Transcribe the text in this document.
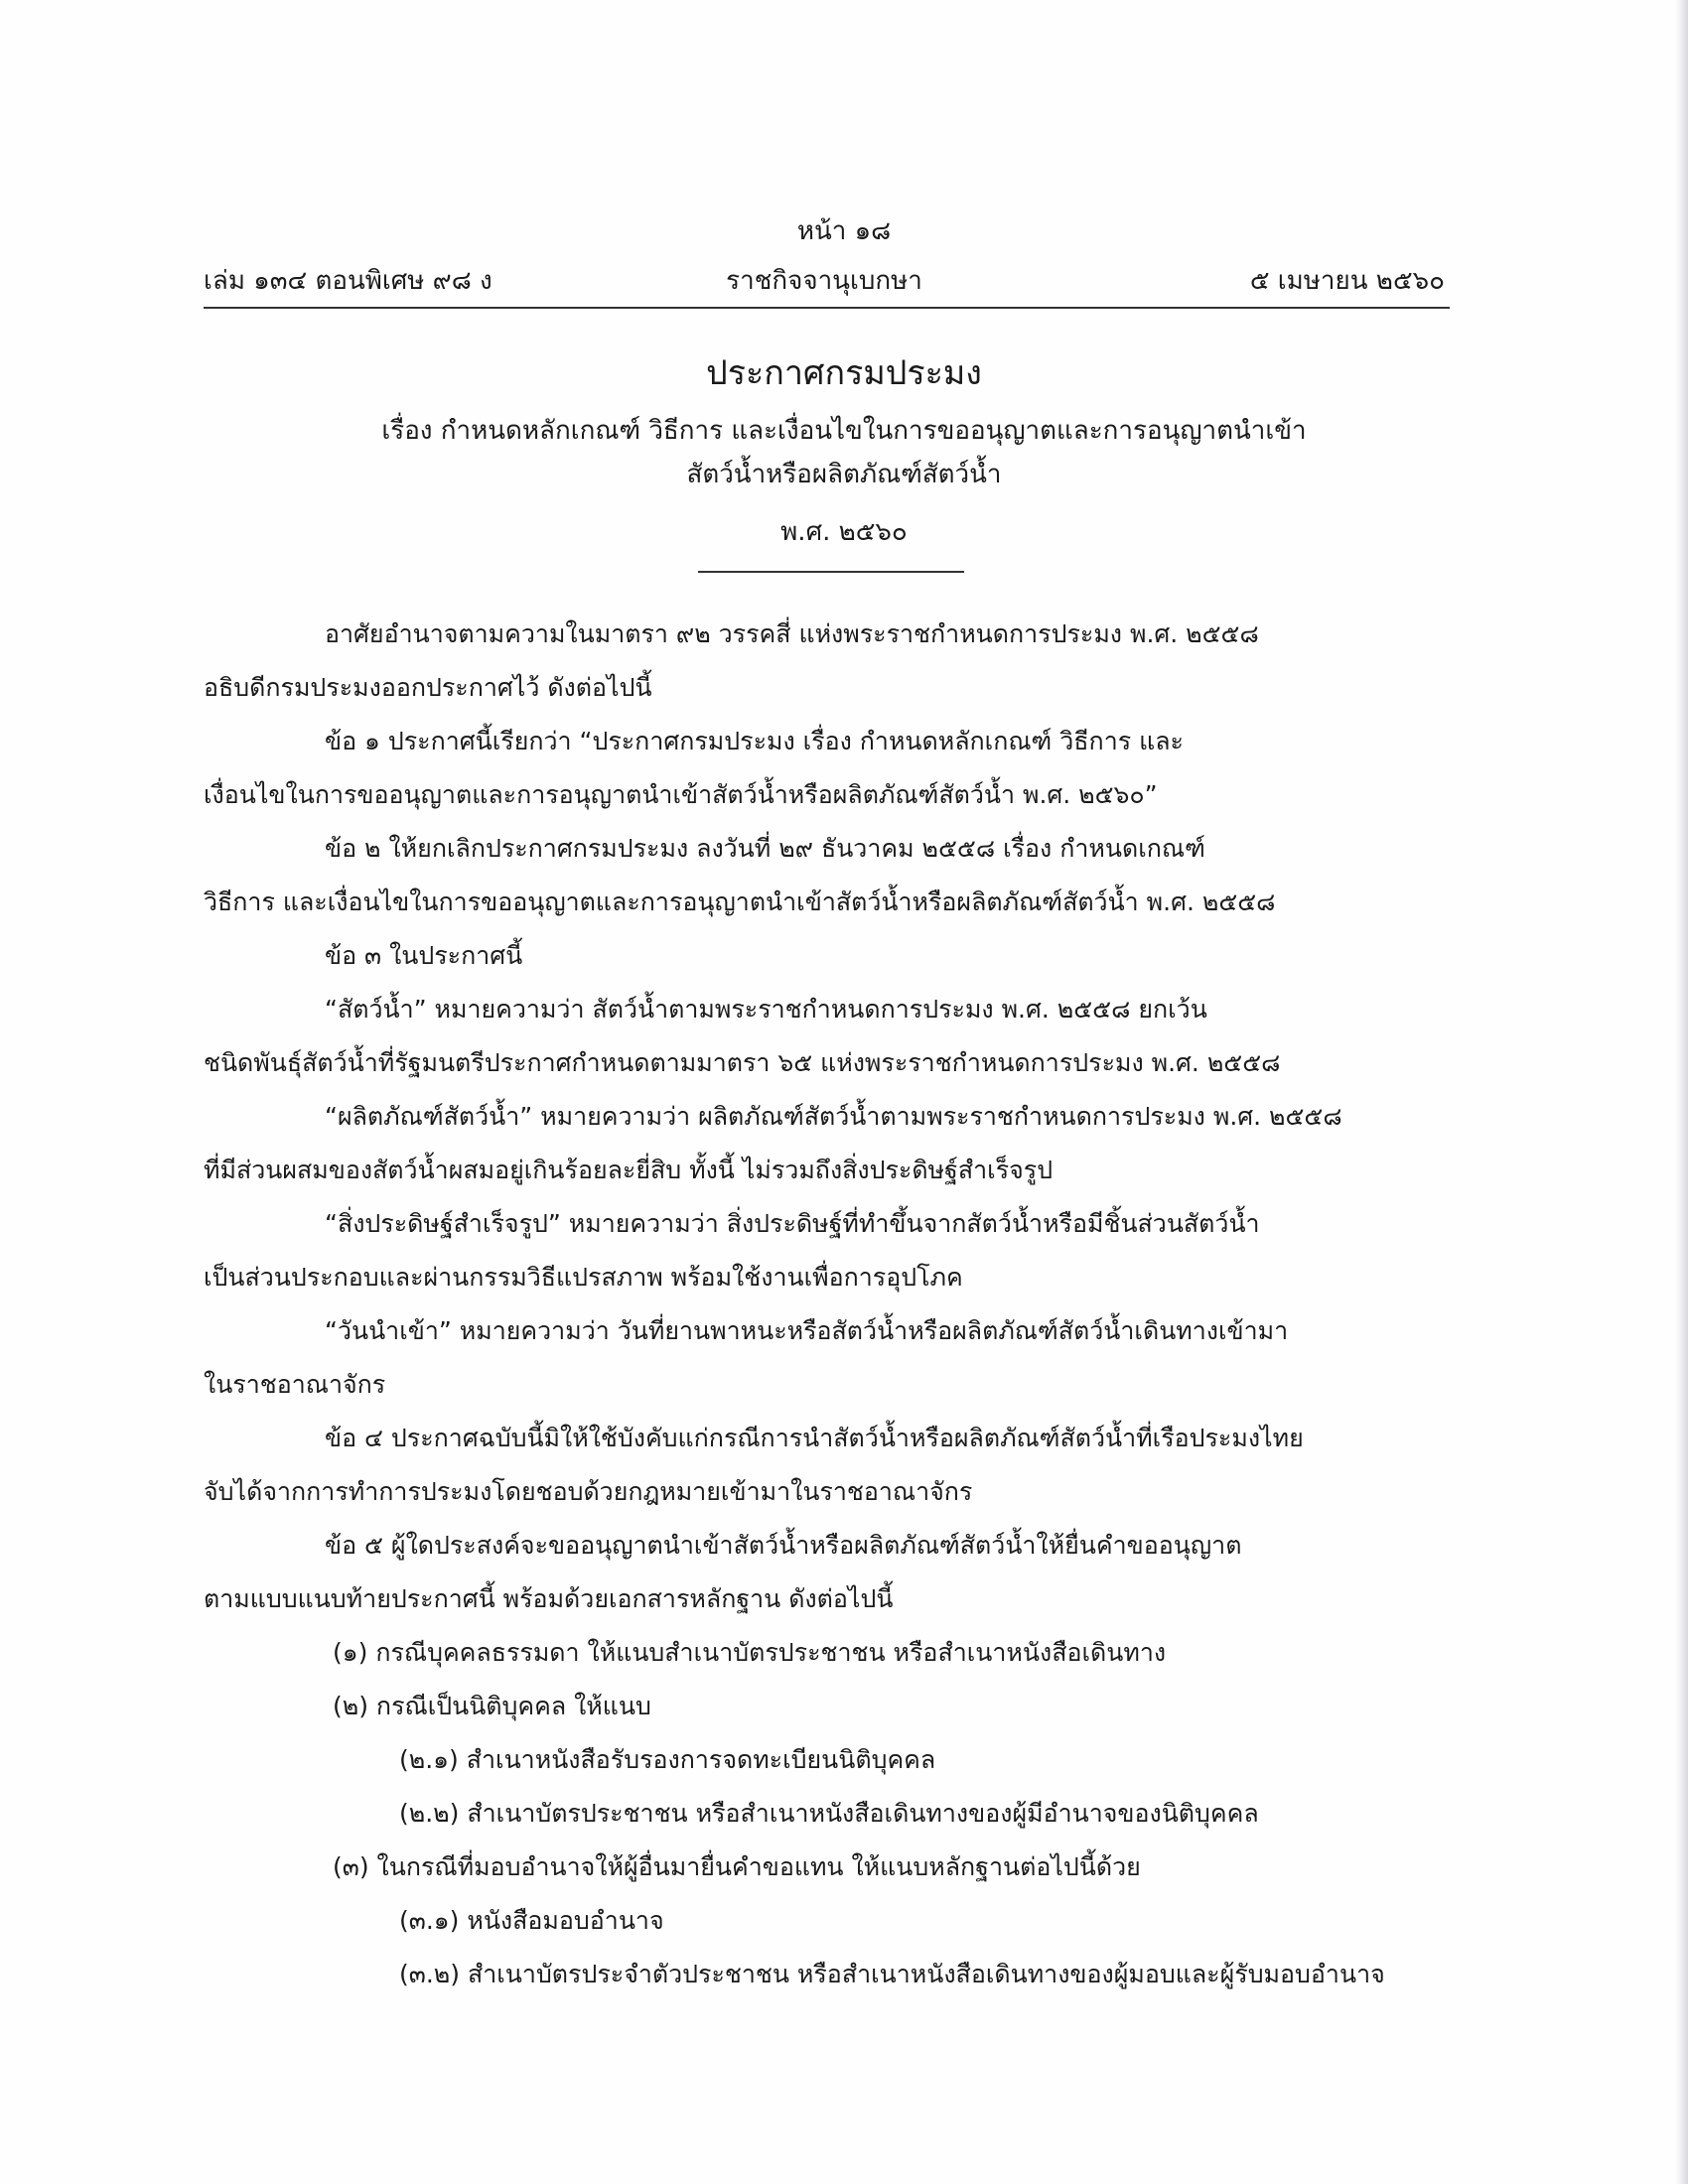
หน้า ๑๘
ราชกิจจานุเบกษา
เล่ม ๑๓๔ ตอนพิเศษ ๙๘ ง	๕ เมษายน ๒๕๖๐
ประกาศกรมประมง
เรื่อง กำหนดหลักเกณฑ์ วิธีการ และเงื่อนไขในการขออนุญาตและการอนุญาตนำเข้า
สัตว์น้ำหรือผลิตภัณฑ์สัตว์น้ำ
พ.ศ. ๒๕๖๐

อาศัยอำนาจตามความในมาตรา ๙๒ วรรคสี่ แห่งพระราชกำหนดการประมง พ.ศ. ๒๕๕๘

อธิบดีกรมประมงออกประกาศไว้ ดังต่อไปนี้

ข้อ ๑ ประกาศนี้เรียกว่า “ประกาศกรมประมง เรื่อง กำหนดหลักเกณฑ์ วิธีการ และ

เงื่อนไขในการขออนุญาตและการอนุญาตนำเข้าสัตว์น้ำหรือผลิตภัณฑ์สัตว์น้ำ พ.ศ. ๒๕๖๐”

ข้อ ๒ ให้ยกเลิกประกาศกรมประมง ลงวันที่ ๒๙ ธันวาคม ๒๕๕๘ เรื่อง กำหนดเกณฑ์

วิธีการ และเงื่อนไขในการขออนุญาตและการอนุญาตนำเข้าสัตว์น้ำหรือผลิตภัณฑ์สัตว์น้ำ พ.ศ. ๒๕๕๘

ข้อ ๓ ในประกาศนี้

“สัตว์น้ำ” หมายความว่า สัตว์น้ำตามพระราชกำหนดการประมง พ.ศ. ๒๕๕๘ ยกเว้น

ชนิดพันธุ์สัตว์น้ำที่รัฐมนตรีประกาศกำหนดตามมาตรา ๖๕ แห่งพระราชกำหนดการประมง พ.ศ. ๒๕๕๘

“ผลิตภัณฑ์สัตว์น้ำ” หมายความว่า ผลิตภัณฑ์สัตว์น้ำตามพระราชกำหนดการประมง พ.ศ. ๒๕๕๘

ที่มีส่วนผสมของสัตว์น้ำผสมอยู่เกินร้อยละยี่สิบ ทั้งนี้ ไม่รวมถึงสิ่งประดิษฐ์สำเร็จรูป

“สิ่งประดิษฐ์สำเร็จรูป” หมายความว่า สิ่งประดิษฐ์ที่ทำขึ้นจากสัตว์น้ำหรือมีชิ้นส่วนสัตว์น้ำ

เป็นส่วนประกอบและผ่านกรรมวิธีแปรสภาพ พร้อมใช้งานเพื่อการอุปโภค

“วันนำเข้า” หมายความว่า วันที่ยานพาหนะหรือสัตว์น้ำหรือผลิตภัณฑ์สัตว์น้ำเดินทางเข้ามา

ในราชอาณาจักร

ข้อ ๔ ประกาศฉบับนี้มิให้ใช้บังคับแก่กรณีการนำสัตว์น้ำหรือผลิตภัณฑ์สัตว์น้ำที่เรือประมงไทย

จับได้จากการทำการประมงโดยชอบด้วยกฎหมายเข้ามาในราชอาณาจักร

ข้อ ๕ ผู้ใดประสงค์จะขออนุญาตนำเข้าสัตว์น้ำหรือผลิตภัณฑ์สัตว์น้ำให้ยื่นคำขออนุญาต

ตามแบบแนบท้ายประกาศนี้ พร้อมด้วยเอกสารหลักฐาน ดังต่อไปนี้

(๑) กรณีบุคคลธรรมดา ให้แนบสำเนาบัตรประชาชน หรือสำเนาหนังสือเดินทาง

(๒) กรณีเป็นนิติบุคคล ให้แนบ

(๒.๑) สำเนาหนังสือรับรองการจดทะเบียนนิติบุคคล

(๒.๒) สำเนาบัตรประชาชน หรือสำเนาหนังสือเดินทางของผู้มีอำนาจของนิติบุคคล

(๓) ในกรณีที่มอบอำนาจให้ผู้อื่นมายื่นคำขอแทน ให้แนบหลักฐานต่อไปนี้ด้วย

(๓.๑) หนังสือมอบอำนาจ

(๓.๒) สำเนาบัตรประจำตัวประชาชน หรือสำเนาหนังสือเดินทางของผู้มอบและผู้รับมอบอำนาจ
